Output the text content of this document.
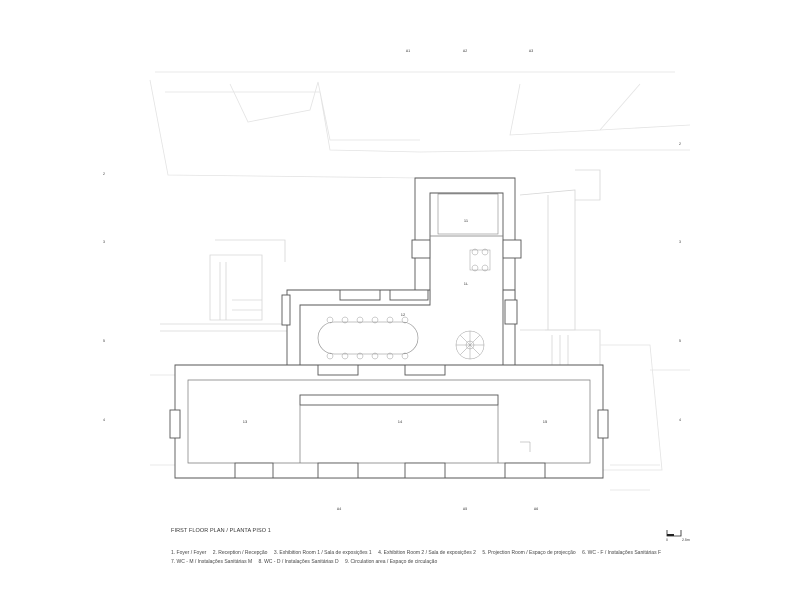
11
1L
12
13	14	15
A1	A2	A3
2
3
5
4
2
3
5
4
A4	A5	A6
0	2.5m
FIRST FLOOR PLAN / PLANTA PISO 1
1. Foyer / Foyer 2. Reception / Recepção 3. Exhibition Room 1 / Sala de exposições 1 4. Exhibition Room 2 / Sala de exposições 2 5. Projection Room / Espaço de projecção 6. WC - F / Instalações Sanitárias F
7. WC - M / Instalações Sanitárias M 8. WC - D / Instalações Sanitárias D 9. Circulation area / Espaço de circulação
